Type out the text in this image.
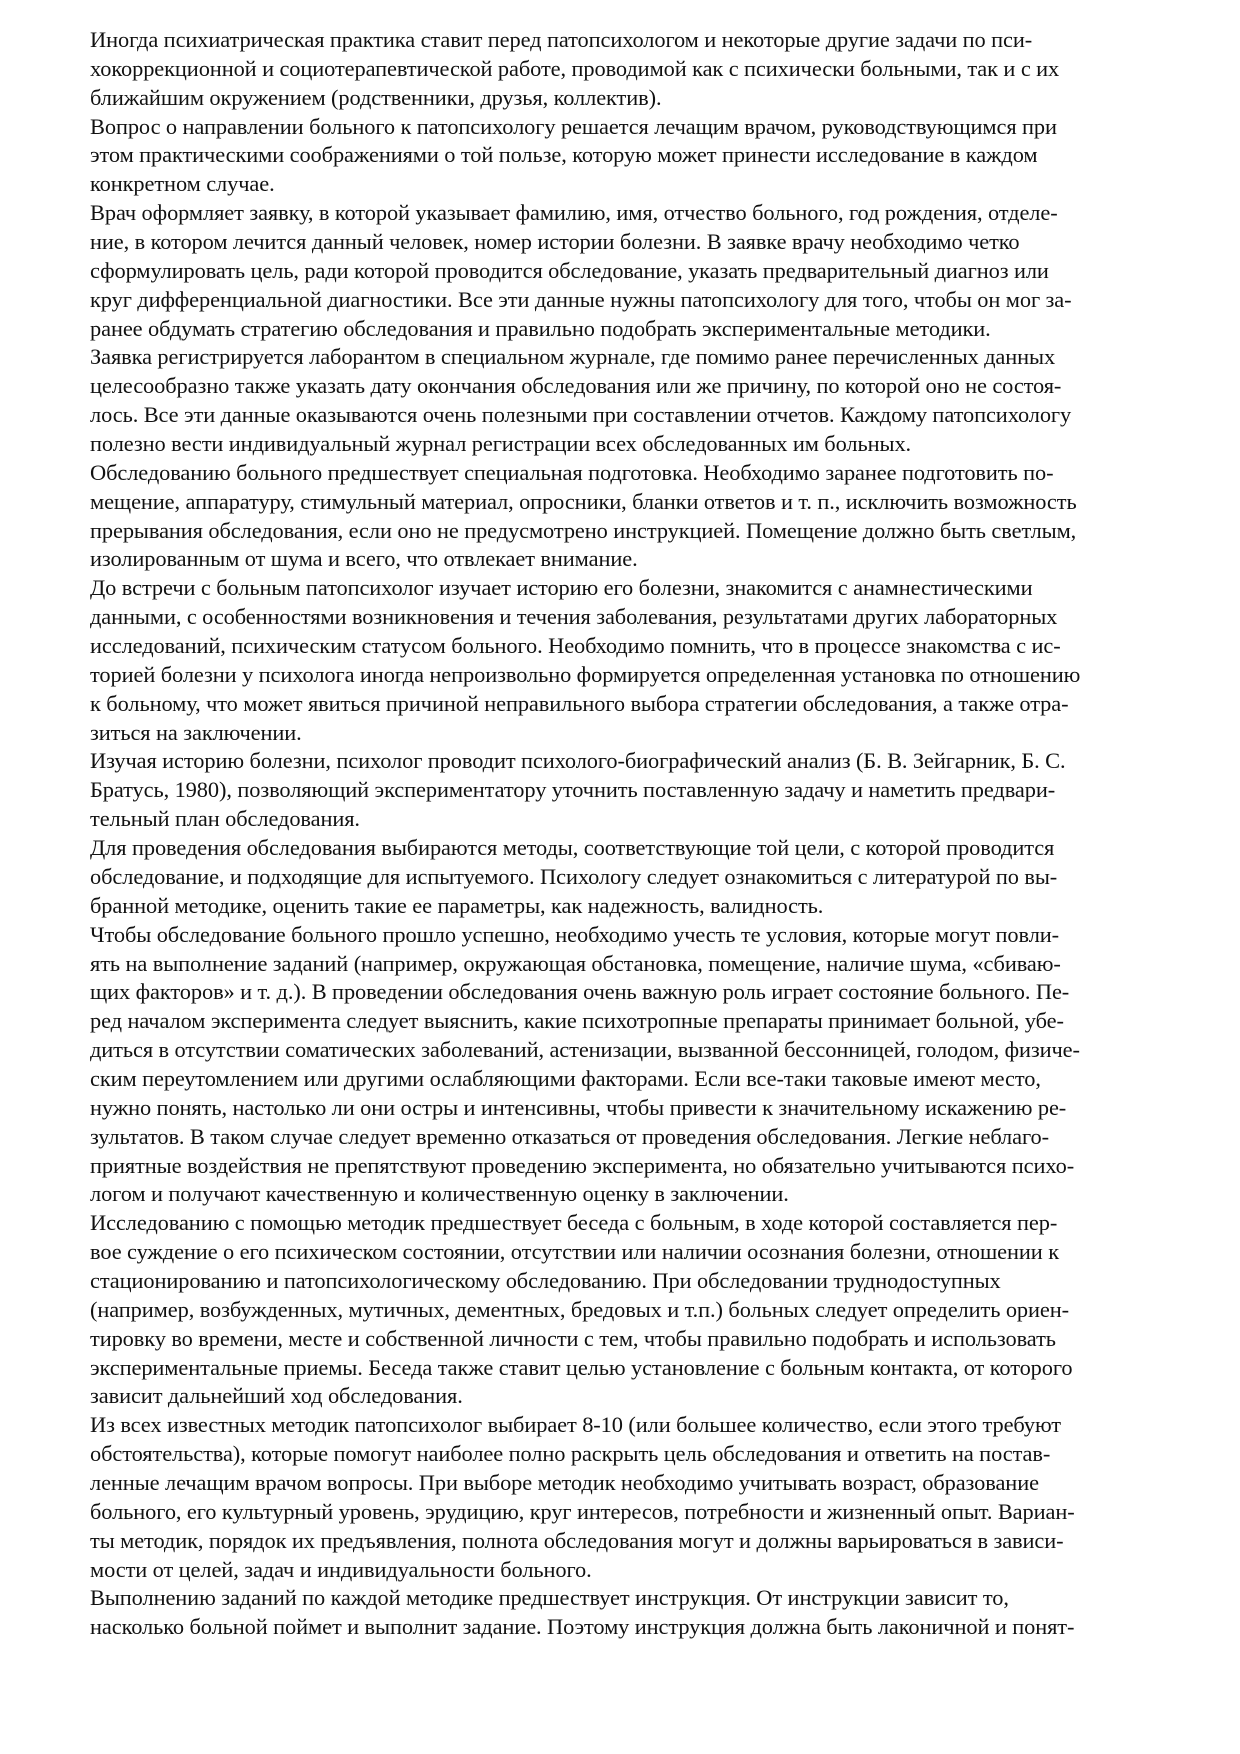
Иногда психиатрическая практика ставит перед патопсихологом и некоторые другие задачи по пси-
хокоррекционной и социотерапевтической работе, проводимой как с психически больными, так и с их
ближайшим окружением (родственники, друзья, коллектив).
Вопрос о направлении больного к патопсихологу решается лечащим врачом, руководствующимся при
этом практическими соображениями о той пользе, которую может принести исследование в каждом
конкретном случае.
Врач оформляет заявку, в которой указывает фамилию, имя, отчество больного, год рождения, отделе-
ние, в котором лечится данный человек, номер истории болезни. В заявке врачу необходимо четко
сформулировать цель, ради которой проводится обследование, указать предварительный диагноз или
круг дифференциальной диагностики. Все эти данные нужны патопсихологу для того, чтобы он мог за-
ранее обдумать стратегию обследования и правильно подобрать экспериментальные методики.
Заявка регистрируется лаборантом в специальном журнале, где помимо ранее перечисленных данных
целесообразно также указать дату окончания обследования или же причину, по которой оно не состоя-
лось. Все эти данные оказываются очень полезными при составлении отчетов. Каждому патопсихологу
полезно вести индивидуальный журнал регистрации всех обследованных им больных.
Обследованию больного предшествует специальная подготовка. Необходимо заранее подготовить по-
мещение, аппаратуру, стимульный материал, опросники, бланки ответов и т. п., исключить возможность
прерывания обследования, если оно не предусмотрено инструкцией. Помещение должно быть светлым,
изолированным от шума и всего, что отвлекает внимание.
До встречи с больным патопсихолог изучает историю его болезни, знакомится с анамнестическими
данными, с особенностями возникновения и течения заболевания, результатами других лабораторных
исследований, психическим статусом больного. Необходимо помнить, что в процессе знакомства с ис-
торией болезни у психолога иногда непроизвольно формируется определенная установка по отношению
к больному, что может явиться причиной неправильного выбора стратегии обследования, а также отра-
зиться на заключении.
Изучая историю болезни, психолог проводит психолого-биографический анализ (Б. В. Зейгарник, Б. С.
Братусь, 1980), позволяющий экспериментатору уточнить поставленную задачу и наметить предвари-
тельный план обследования.
Для проведения обследования выбираются методы, соответствующие той цели, с которой проводится
обследование, и подходящие для испытуемого. Психологу следует ознакомиться с литературой по вы-
бранной методике, оценить такие ее параметры, как надежность, валидность.
Чтобы обследование больного прошло успешно, необходимо учесть те условия, которые могут повли-
ять на выполнение заданий (например, окружающая обстановка, помещение, наличие шума, «сбиваю-
щих факторов» и т. д.). В проведении обследования очень важную роль играет состояние больного. Пе-
ред началом эксперимента следует выяснить, какие психотропные препараты принимает больной, убе-
диться в отсутствии соматических заболеваний, астенизации, вызванной бессонницей, голодом, физиче-
ским переутомлением или другими ослабляющими факторами. Если все-таки таковые имеют место,
нужно понять, настолько ли они остры и интенсивны, чтобы привести к значительному искажению ре-
зультатов. В таком случае следует временно отказаться от проведения обследования. Легкие неблаго-
приятные воздействия не препятствуют проведению эксперимента, но обязательно учитываются психо-
логом и получают качественную и количественную оценку в заключении.
Исследованию с помощью методик предшествует беседа с больным, в ходе которой составляется пер-
вое суждение о его психическом состоянии, отсутствии или наличии осознания болезни, отношении к
стационированию и патопсихологическому обследованию. При обследовании труднодоступных
(например, возбужденных, мутичных, дементных, бредовых и т.п.) больных следует определить ориен-
тировку во времени, месте и собственной личности с тем, чтобы правильно подобрать и использовать
экспериментальные приемы. Беседа также ставит целью установление с больным контакта, от которого
зависит дальнейший ход обследования.
Из всех известных методик патопсихолог выбирает 8-10 (или большее количество, если этого требуют
обстоятельства), которые помогут наиболее полно раскрыть цель обследования и ответить на постав-
ленные лечащим врачом вопросы. При выборе методик необходимо учитывать возраст, образование
больного, его культурный уровень, эрудицию, круг интересов, потребности и жизненный опыт. Вариан-
ты методик, порядок их предъявления, полнота обследования могут и должны варьироваться в зависи-
мости от целей, задач и индивидуальности больного.
Выполнению заданий по каждой методике предшествует инструкция. От инструкции зависит то,
насколько больной поймет и выполнит задание. Поэтому инструкция должна быть лаконичной и понят-
